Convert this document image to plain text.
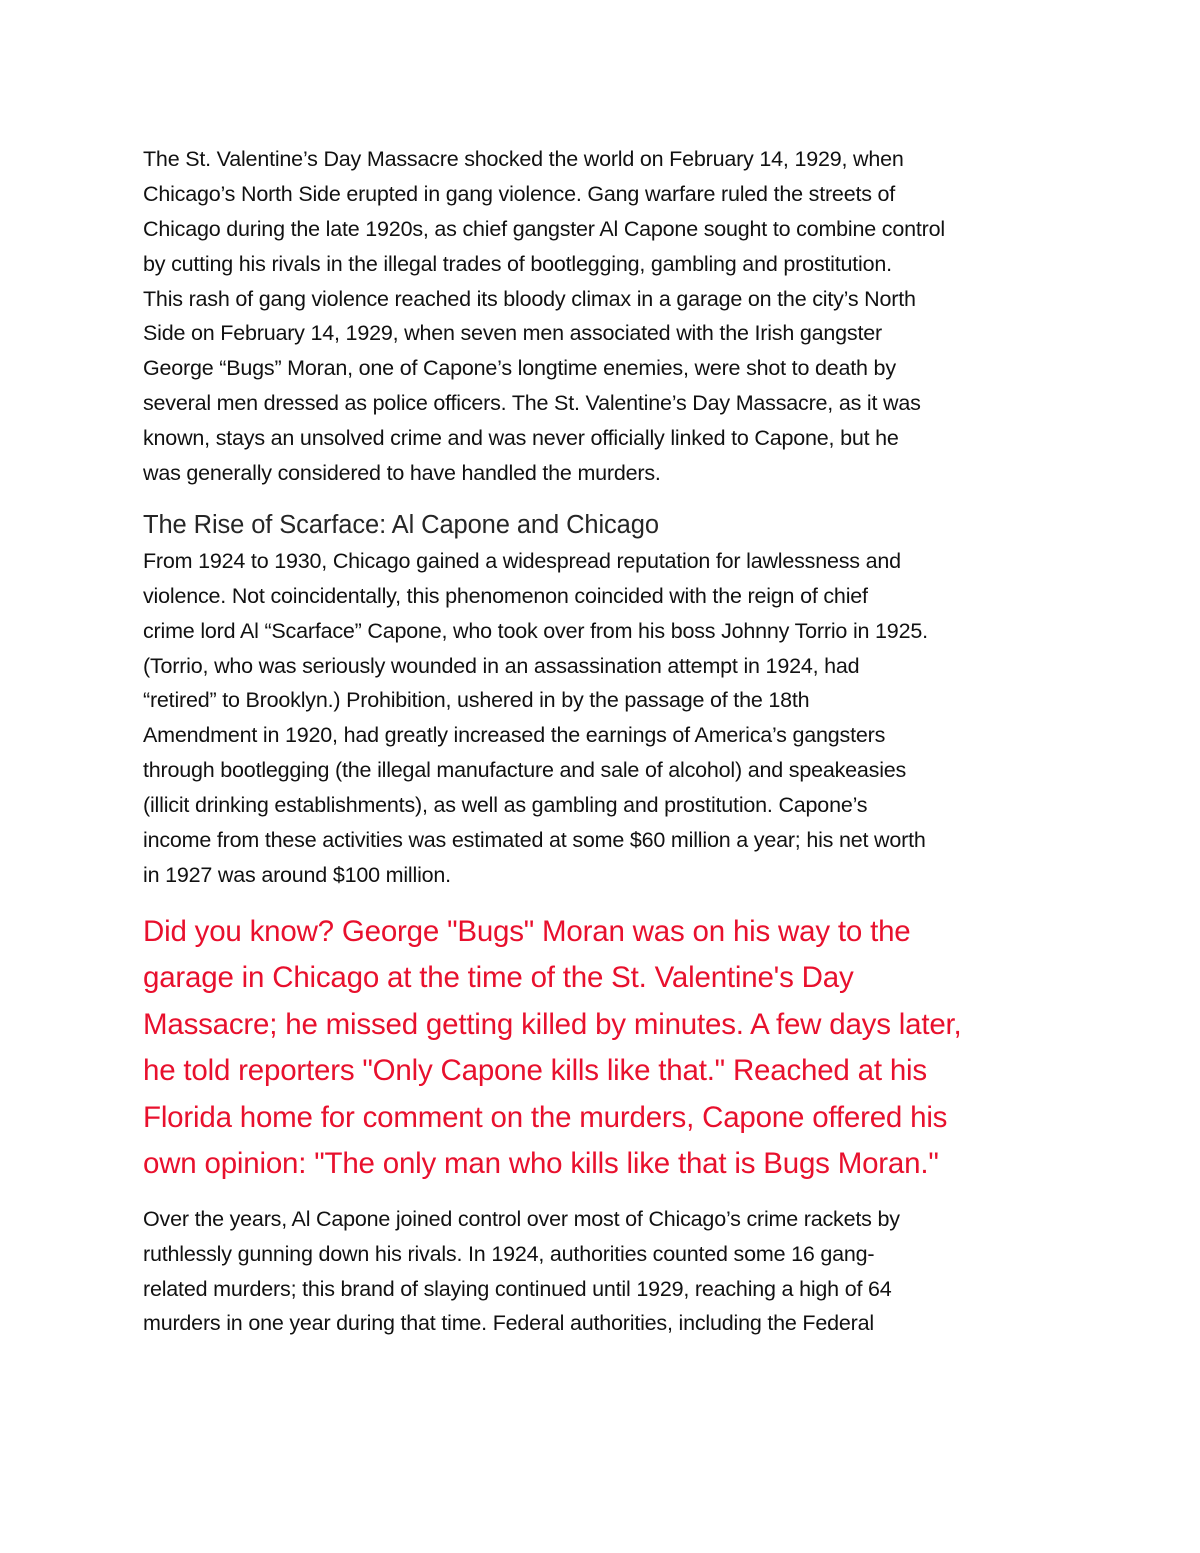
The St. Valentine’s Day Massacre shocked the world on February 14, 1929, when
Chicago’s North Side erupted in gang violence. Gang warfare ruled the streets of
Chicago during the late 1920s, as chief gangster Al Capone sought to combine control
by cutting his rivals in the illegal trades of bootlegging, gambling and prostitution.
This rash of gang violence reached its bloody climax in a garage on the city’s North
Side on February 14, 1929, when seven men associated with the Irish gangster
George “Bugs” Moran, one of Capone’s longtime enemies, were shot to death by
several men dressed as police officers. The St. Valentine’s Day Massacre, as it was
known, stays an unsolved crime and was never officially linked to Capone, but he
was generally considered to have handled the murders.
The Rise of Scarface: Al Capone and Chicago
From 1924 to 1930, Chicago gained a widespread reputation for lawlessness and
violence. Not coincidentally, this phenomenon coincided with the reign of chief
crime lord Al “Scarface” Capone, who took over from his boss Johnny Torrio in 1925.
(Torrio, who was seriously wounded in an assassination attempt in 1924, had
“retired” to Brooklyn.) Prohibition, ushered in by the passage of the 18th
Amendment in 1920, had greatly increased the earnings of America’s gangsters
through bootlegging (the illegal manufacture and sale of alcohol) and speakeasies
(illicit drinking establishments), as well as gambling and prostitution. Capone’s
income from these activities was estimated at some $60 million a year; his net worth
in 1927 was around $100 million.
Did you know? George "Bugs" Moran was on his way to the
garage in Chicago at the time of the St. Valentine's Day
Massacre; he missed getting killed by minutes. A few days later,
he told reporters "Only Capone kills like that." Reached at his
Florida home for comment on the murders, Capone offered his
own opinion: "The only man who kills like that is Bugs Moran."
Over the years, Al Capone joined control over most of Chicago’s crime rackets by
ruthlessly gunning down his rivals. In 1924, authorities counted some 16 gang-
related murders; this brand of slaying continued until 1929, reaching a high of 64
murders in one year during that time. Federal authorities, including the Federal
